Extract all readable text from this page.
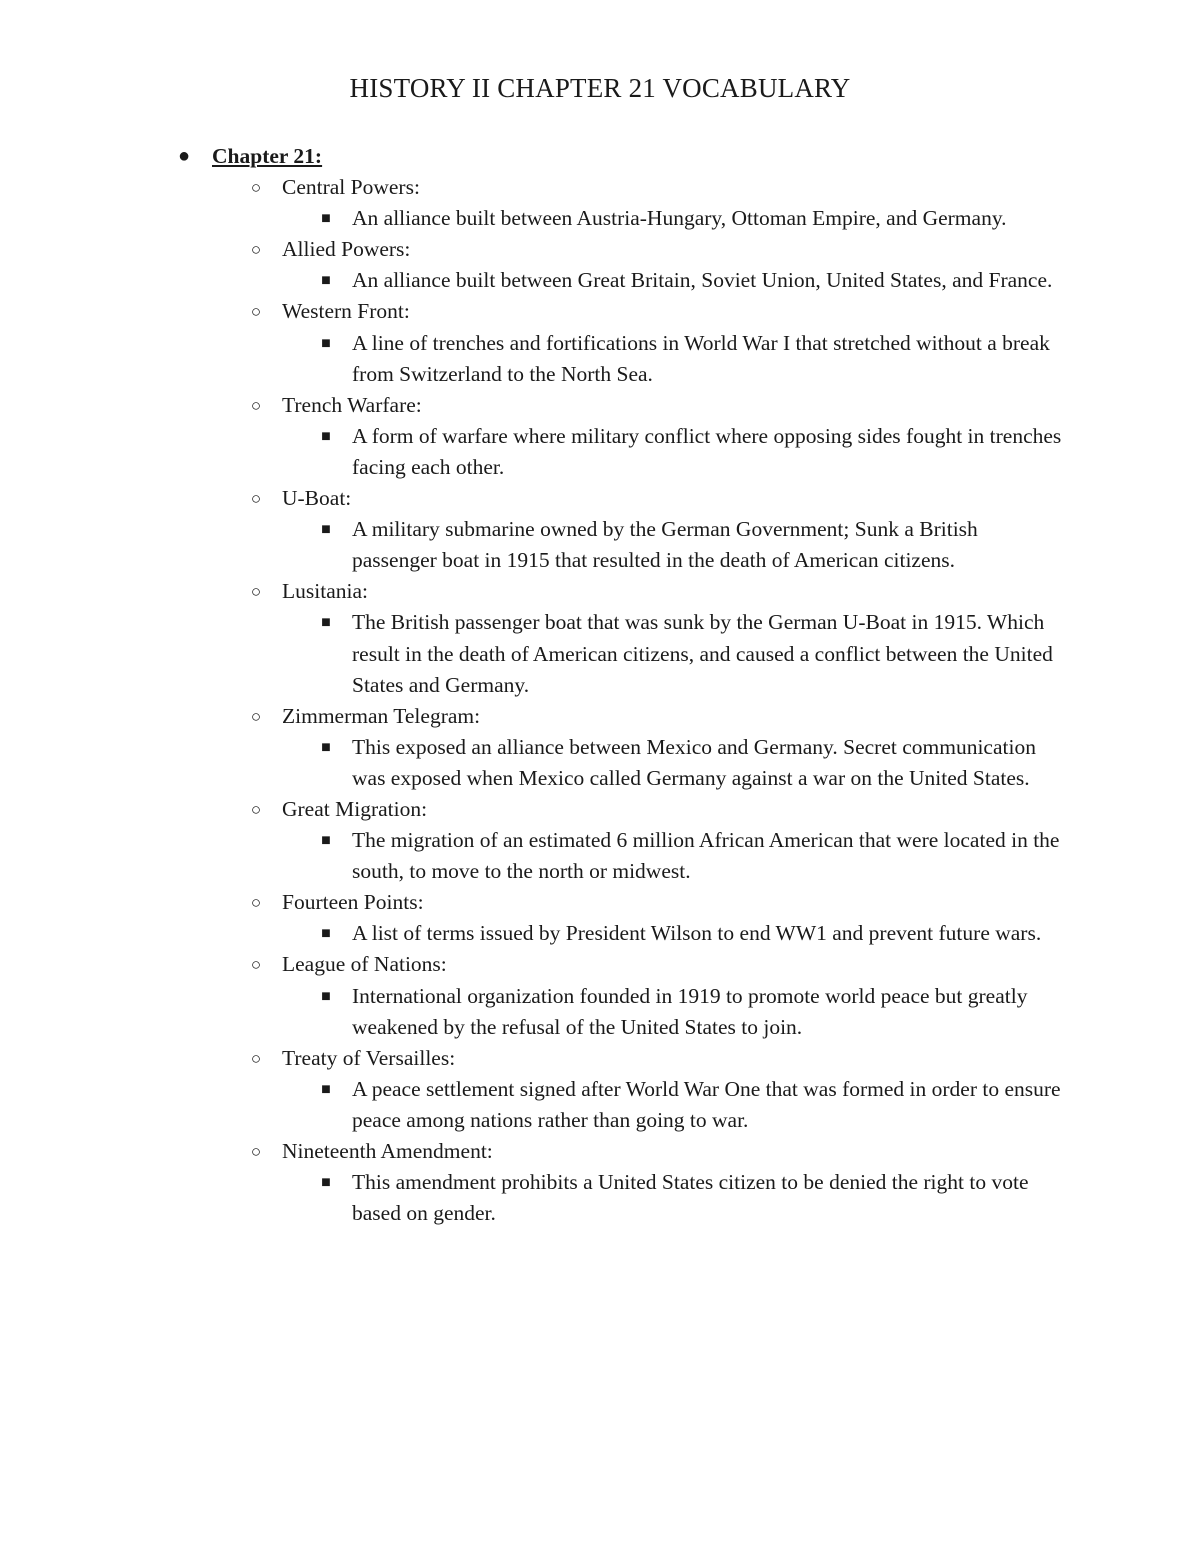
HISTORY II CHAPTER 21 VOCABULARY
● Chapter 21:
○ Central Powers:
■ An alliance built between Austria-Hungary, Ottoman Empire, and Germany.
○ Allied Powers:
■ An alliance built between Great Britain, Soviet Union, United States, and France.
○ Western Front:
■ A line of trenches and fortifications in World War I that stretched without a break from Switzerland to the North Sea.
○ Trench Warfare:
■ A form of warfare where military conflict where opposing sides fought in trenches facing each other.
○ U-Boat:
■ A military submarine owned by the German Government; Sunk a British passenger boat in 1915 that resulted in the death of American citizens.
○ Lusitania:
■ The British passenger boat that was sunk by the German U-Boat in 1915. Which result in the death of American citizens, and caused a conflict between the United States and Germany.
○ Zimmerman Telegram:
■ This exposed an alliance between Mexico and Germany. Secret communication was exposed when Mexico called Germany against a war on the United States.
○ Great Migration:
■ The migration of an estimated 6 million African American that were located in the south, to move to the north or midwest.
○ Fourteen Points:
■ A list of terms issued by President Wilson to end WW1 and prevent future wars.
○ League of Nations:
■ International organization founded in 1919 to promote world peace but greatly weakened by the refusal of the United States to join.
○ Treaty of Versailles:
■ A peace settlement signed after World War One that was formed in order to ensure peace among nations rather than going to war.
○ Nineteenth Amendment:
■ This amendment prohibits a United States citizen to be denied the right to vote based on gender.
